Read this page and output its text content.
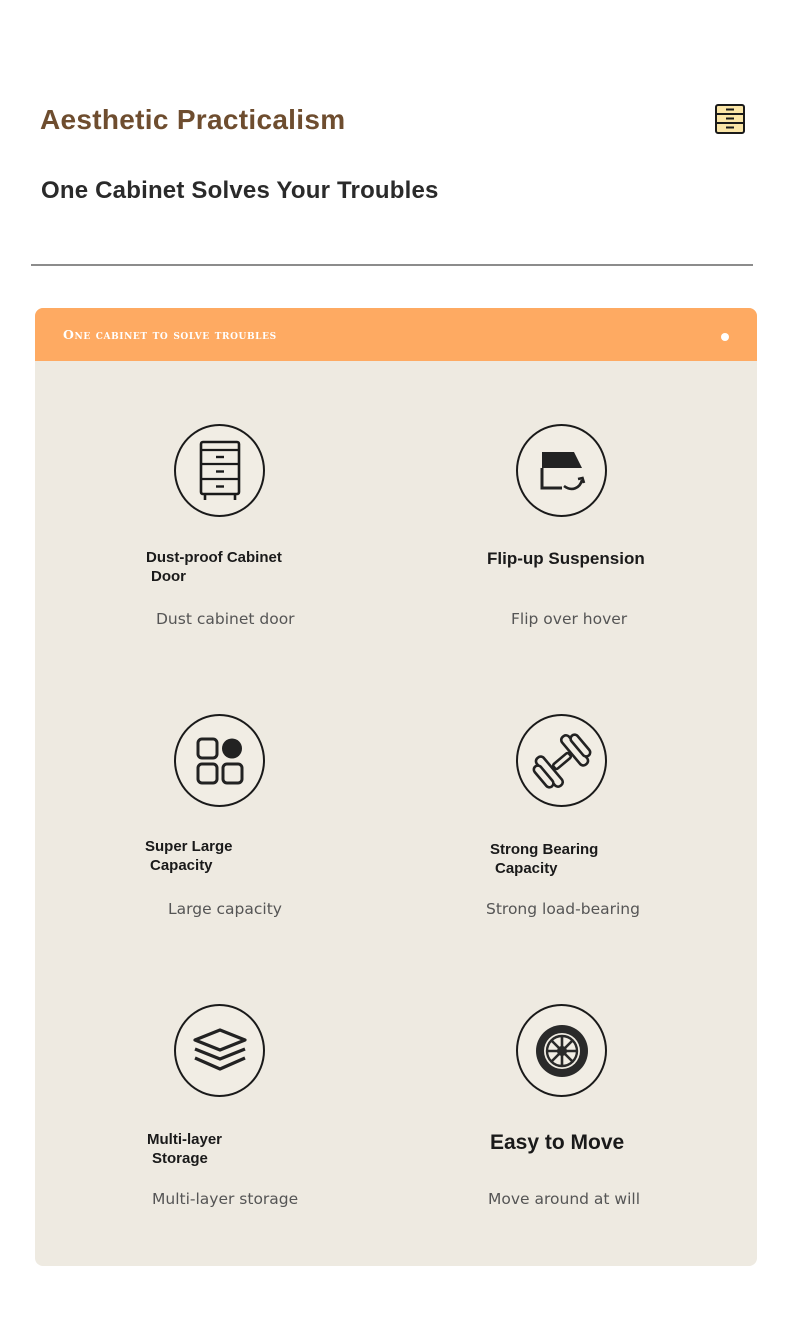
Aesthetic Practicalism
One Cabinet Solves Your Troubles
One cabinet to solve troubles
Dust-proof Cabinet
Door
Dust cabinet door
Flip-up Suspension
Flip over hover
Super Large
Capacity
Large capacity
Strong Bearing
Capacity
Strong load-bearing
Multi-layer
Storage
Multi-layer storage
Easy to Move
Move around at will
